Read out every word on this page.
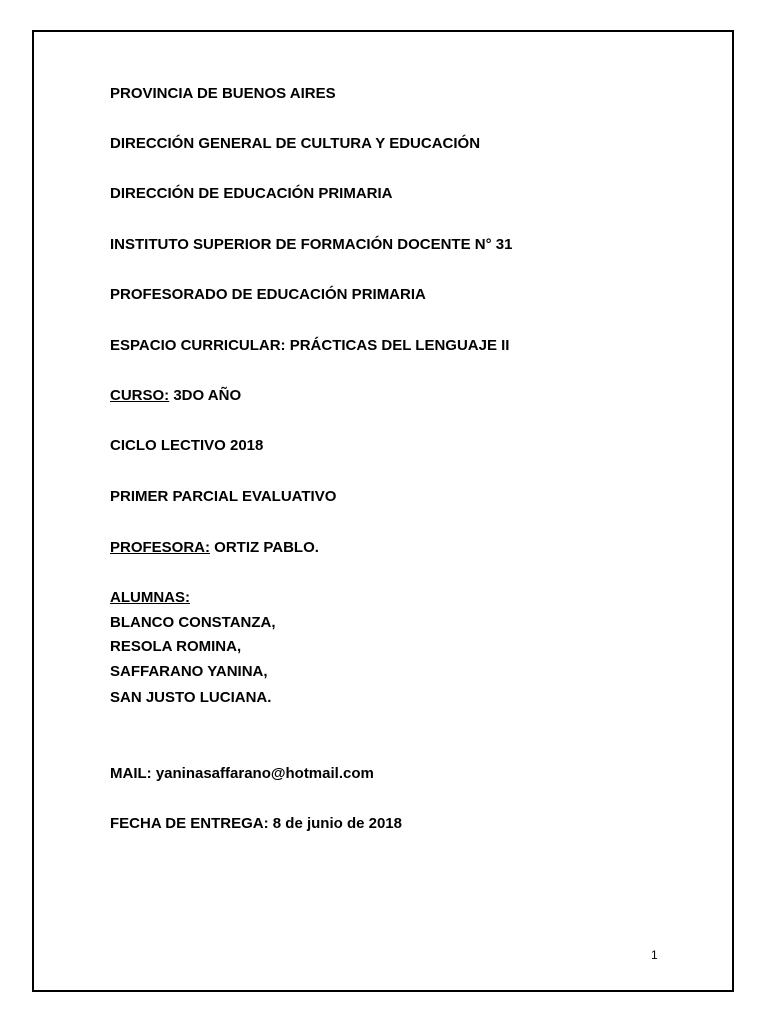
PROVINCIA DE BUENOS AIRES
DIRECCIÓN GENERAL DE CULTURA Y EDUCACIÓN
DIRECCIÓN DE EDUCACIÓN PRIMARIA
INSTITUTO SUPERIOR DE FORMACIÓN DOCENTE N° 31
PROFESORADO DE EDUCACIÓN PRIMARIA
ESPACIO CURRICULAR: PRÁCTICAS DEL LENGUAJE II
CURSO: 3DO AÑO
CICLO LECTIVO 2018
PRIMER PARCIAL EVALUATIVO
PROFESORA: ORTIZ PABLO.
ALUMNAS:
BLANCO CONSTANZA,
RESOLA ROMINA,
SAFFARANO YANINA,
SAN JUSTO LUCIANA.
MAIL: yaninasaffarano@hotmail.com
FECHA DE ENTREGA: 8 de junio de 2018
1
